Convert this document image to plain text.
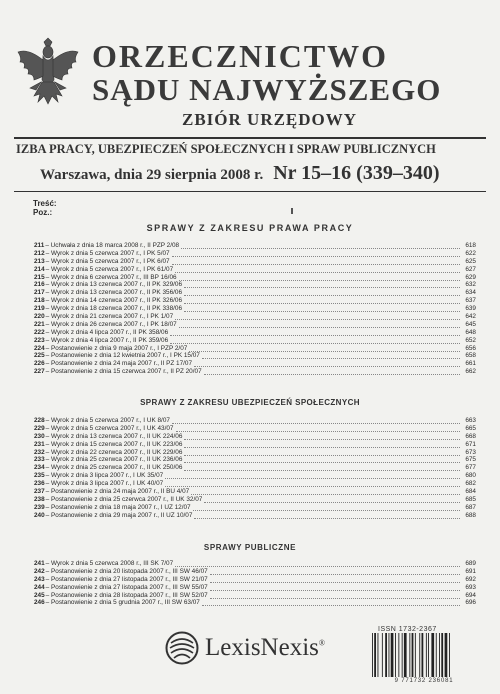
ORZECZNICTWO
SĄDU NAJWYŻSZEGO
ZBIÓR URZĘDOWY
IZBA PRACY, UBEZPIECZEŃ SPOŁECZNYCH I SPRAW PUBLICZNYCH
Warszawa, dnia 29 sierpnia 2008 r. Nr 15–16 (339–340)
Treść:
Poz.:
SPRAWY Z ZAKRESU PRAWA PRACY
211 – Uchwała z dnia 18 marca 2008 r., II PZP 2/08	618
212 – Wyrok z dnia 5 czerwca 2007 r., I PK 5/07	622
213 – Wyrok z dnia 5 czerwca 2007 r., I PK 6/07	625
214 – Wyrok z dnia 5 czerwca 2007 r., I PK 61/07	627
215 – Wyrok z dnia 6 czerwca 2007 r., III BP 16/06	629
216 – Wyrok z dnia 13 czerwca 2007 r., II PK 329/06	632
217 – Wyrok z dnia 13 czerwca 2007 r., II PK 356/06	634
218 – Wyrok z dnia 14 czerwca 2007 r., II PK 326/06	637
219 – Wyrok z dnia 18 czerwca 2007 r., II PK 338/06	639
220 – Wyrok z dnia 21 czerwca 2007 r., I PK 1/07	642
221 – Wyrok z dnia 26 czerwca 2007 r., I PK 18/07	645
222 – Wyrok z dnia 4 lipca 2007 r., II PK 358/06	648
223 – Wyrok z dnia 4 lipca 2007 r., II PK 359/06	652
224 – Postanowienie z dnia 9 maja 2007 r., I PZP 2/07	656
225 – Postanowienie z dnia 12 kwietnia 2007 r., I PK 15/07	658
226 – Postanowienie z dnia 24 maja 2007 r., II PZ 17/07	661
227 – Postanowienie z dnia 15 czerwca 2007 r., II PZ 20/07	662
SPRAWY Z ZAKRESU UBEZPIECZEŃ SPOŁECZNYCH
228 – Wyrok z dnia 5 czerwca 2007 r., I UK 8/07	663
229 – Wyrok z dnia 5 czerwca 2007 r., I UK 43/07	665
230 – Wyrok z dnia 13 czerwca 2007 r., II UK 224/06	668
231 – Wyrok z dnia 15 czerwca 2007 r., II UK 223/06	671
232 – Wyrok z dnia 22 czerwca 2007 r., II UK 229/06	673
233 – Wyrok z dnia 25 czerwca 2007 r., II UK 236/06	675
234 – Wyrok z dnia 25 czerwca 2007 r., II UK 250/06	677
235 – Wyrok z dnia 3 lipca 2007 r., I UK 35/07	680
236 – Wyrok z dnia 3 lipca 2007 r., I UK 40/07	682
237 – Postanowienie z dnia 24 maja 2007 r., II BU 4/07	684
238 – Postanowienie z dnia 25 czerwca 2007 r., II UK 32/07	685
239 – Postanowienie z dnia 18 maja 2007 r., I UZ 12/07	687
240 – Postanowienie z dnia 29 maja 2007 r., II UZ 10/07	688
SPRAWY PUBLICZNE
241 – Wyrok z dnia 5 czerwca 2008 r., III SK 7/07	689
242 – Postanowienie z dnia 20 listopada 2007 r., III SW 46/07	691
243 – Postanowienie z dnia 27 listopada 2007 r., III SW 21/07	692
244 – Postanowienie z dnia 27 listopada 2007 r., III SW 55/07	693
245 – Postanowienie z dnia 28 listopada 2007 r., III SW 52/07	694
246 – Postanowienie z dnia 5 grudnia 2007 r., III SW 63/07	696
LexisNexis®
ISSN 1732-2367
9 771732 236081
